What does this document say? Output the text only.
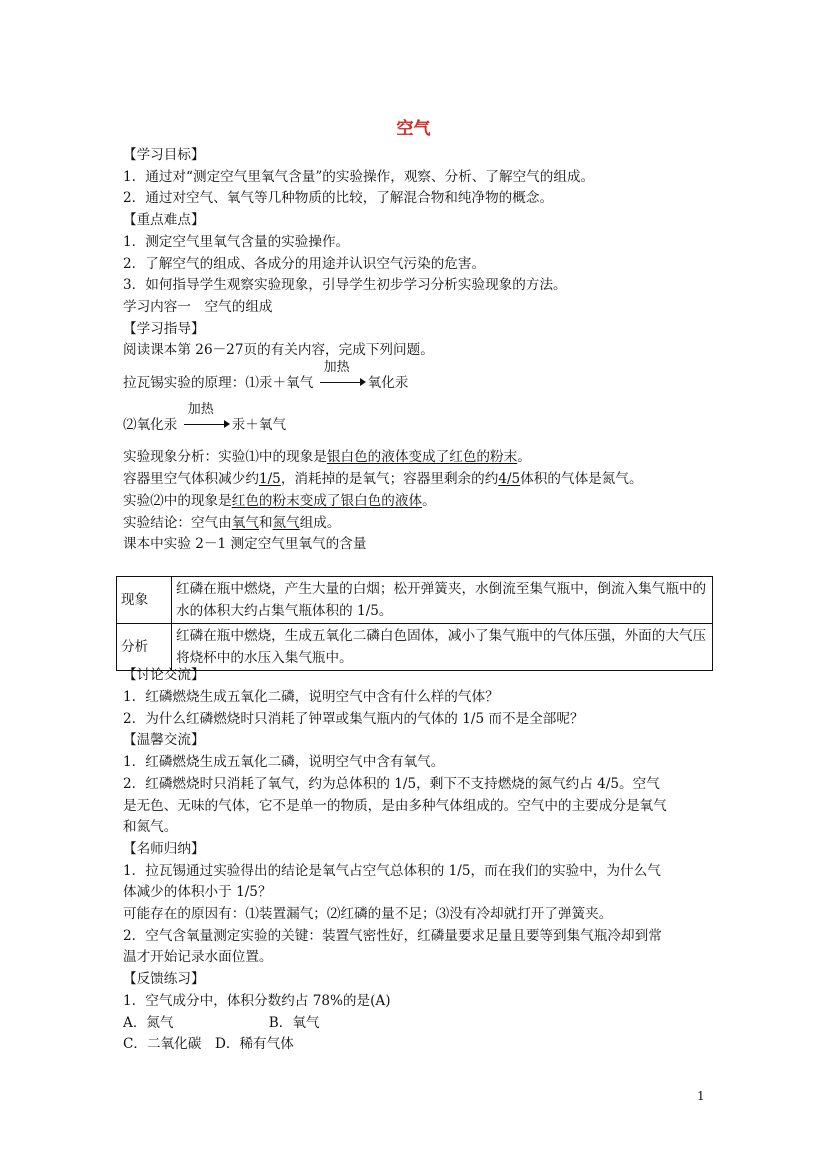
空气
【学习目标】
1．通过对“测定空气里氧气含量”的实验操作，观察、分析、了解空气的组成。
2．通过对空气、氧气等几种物质的比较，了解混合物和纯净物的概念。
【重点难点】
1．测定空气里氧气含量的实验操作。
2．了解空气的组成、各成分的用途并认识空气污染的危害。
3．如何指导学生观察实验现象，引导学生初步学习分析实验现象的方法。
学习内容一　空气的组成
【学习指导】
阅读课本第 26－27页的有关内容，完成下列问题。
拉瓦锡实验的原理：⑴汞＋氧气
加热
氧化汞
⑵氧化汞
加热
汞＋氧气
实验现象分析：实验⑴中的现象是银白色的液体变成了红色的粉末。
容器里空气体积减少约1/5，消耗掉的是氧气；容器里剩余的约4/5体积的气体是氮气。
实验⑵中的现象是红色的粉末变成了银白色的液体。
实验结论：空气由氧气和氮气组成。
课本中实验 2－1 测定空气里氧气的含量
现象	红磷在瓶中燃烧，产生大量的白烟；松开弹簧夹，水倒流至集气瓶中，倒流入集气瓶中的水的体积大约占集气瓶体积的 1/5。
分析	红磷在瓶中燃烧，生成五氧化二磷白色固体，减小了集气瓶中的气体压强，外面的大气压将烧杯中的水压入集气瓶中。
【讨论交流】
1．红磷燃烧生成五氧化二磷，说明空气中含有什么样的气体？
2．为什么红磷燃烧时只消耗了钟罩或集气瓶内的气体的 1/5 而不是全部呢？
【温馨交流】
1．红磷燃烧生成五氧化二磷，说明空气中含有氧气。
2．红磷燃烧时只消耗了氧气，约为总体积的 1/5，剩下不支持燃烧的氮气约占 4/5。空气
是无色、无味的气体，它不是单一的物质，是由多种气体组成的。空气中的主要成分是氧气
和氮气。
【名师归纳】
1．拉瓦锡通过实验得出的结论是氧气占空气总体积的 1/5，而在我们的实验中，为什么气
体减少的体积小于 1/5？
可能存在的原因有：⑴装置漏气；⑵红磷的量不足；⑶没有冷却就打开了弹簧夹。
2．空气含氧量测定实验的关键：装置气密性好，红磷量要求足量且要等到集气瓶冷却到常
温才开始记录水面位置。
【反馈练习】
1．空气成分中，体积分数约占 78%的是(A)
A．氮气　　　　　　　B．氧气
C．二氧化碳　D．稀有气体
1
